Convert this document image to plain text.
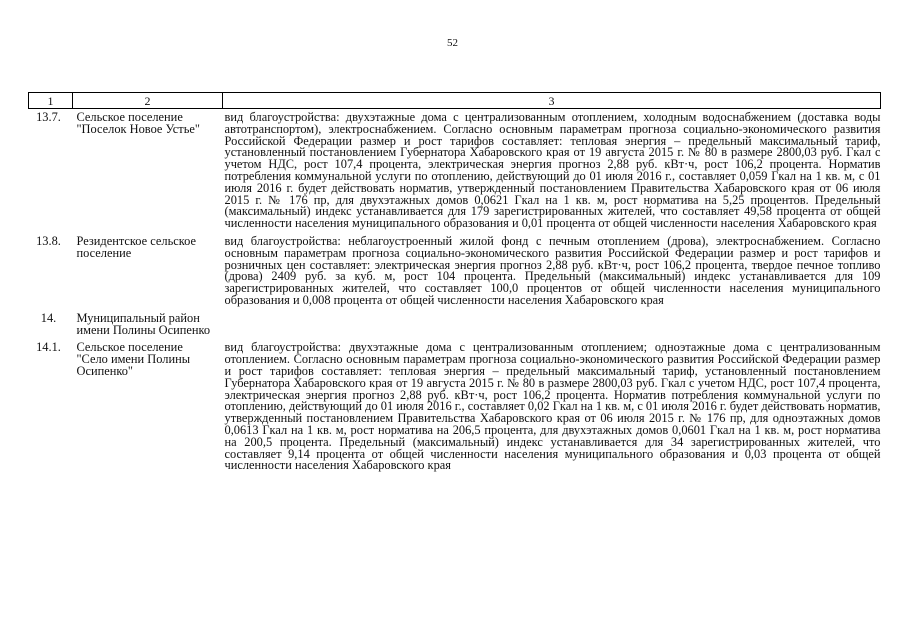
52
1	2	3
13.7.	Сельское поселение "Поселок Новое Устье"	вид благоустройства: двухэтажные дома с централизованным отоплением, холодным водоснабжением (доставка воды автотранспортом), электроснабжением. Согласно основным параметрам прогноза социально-экономического развития Российской Федерации размер и рост тарифов составляет: тепловая энергия – предельный максимальный тариф, установленный постановлением Губернатора Хабаровского края от 19 августа 2015 г. № 80 в размере 2800,03 руб. Гкал с учетом НДС, рост 107,4 процента, электрическая энергия прогноз 2,88 руб. кВт·ч, рост 106,2 процента. Норматив потребления коммунальной услуги по отоплению, действующий до 01 июля 2016 г., составляет 0,059 Гкал на 1 кв. м, с 01 июля 2016 г. будет действовать норматив, утвержденный постановлением Правительства Хабаровского края от 06 июля 2015 г. № 176 пр, для двухэтажных домов 0,0621 Гкал на 1 кв. м, рост норматива на 5,25 процентов. Предельный (максимальный) индекс устанавливается для 179 зарегистрированных жителей, что составляет 49,58 процента от общей численности населения муниципального образования и 0,01 процента от общей численности населения Хабаровского края
13.8.	Резидентское сельское поселение	вид благоустройства: неблагоустроенный жилой фонд с печным отоплением (дрова), электроснабжением. Согласно основным параметрам прогноза социально-экономического развития Российской Федерации размер и рост тарифов и розничных цен составляет: электрическая энергия прогноз 2,88 руб. кВт·ч, рост 106,2 процента, твердое печное топливо (дрова) 2409 руб. за куб. м, рост 104 процента. Предельный (максимальный) индекс устанавливается для 109 зарегистрированных жителей, что составляет 100,0 процентов от общей численности населения муниципального образования и 0,008 процента от общей численности населения Хабаровского края
14.	Муниципальный район имени Полины Осипенко	
14.1.	Сельское поселение "Село имени Полины Осипенко"	вид благоустройства: двухэтажные дома с централизованным отоплением; одноэтажные дома с централизованным отоплением. Согласно основным параметрам прогноза социально-экономического развития Российской Федерации размер и рост тарифов составляет: тепловая энергия – предельный максимальный тариф, установленный постановлением Губернатора Хабаровского края от 19 августа 2015 г. № 80 в размере 2800,03 руб. Гкал с учетом НДС, рост 107,4 процента, электрическая энергия прогноз 2,88 руб. кВт·ч, рост 106,2 процента. Норматив потребления коммунальной услуги по отоплению, действующий до 01 июля 2016 г., составляет 0,02 Гкал на 1 кв. м, с 01 июля 2016 г. будет действовать норматив, утвержденный постановлением Правительства Хабаровского края от 06 июля 2015 г. № 176 пр, для одноэтажных домов 0,0613 Гкал на 1 кв. м, рост норматива на 206,5 процента, для двухэтажных домов 0,0601 Гкал на 1 кв. м, рост норматива на 200,5 процента. Предельный (максимальный) индекс устанавливается для 34 зарегистрированных жителей, что составляет 9,14 процента от общей численности населения муниципального образования и 0,03 процента от общей численности населения Хабаровского края
